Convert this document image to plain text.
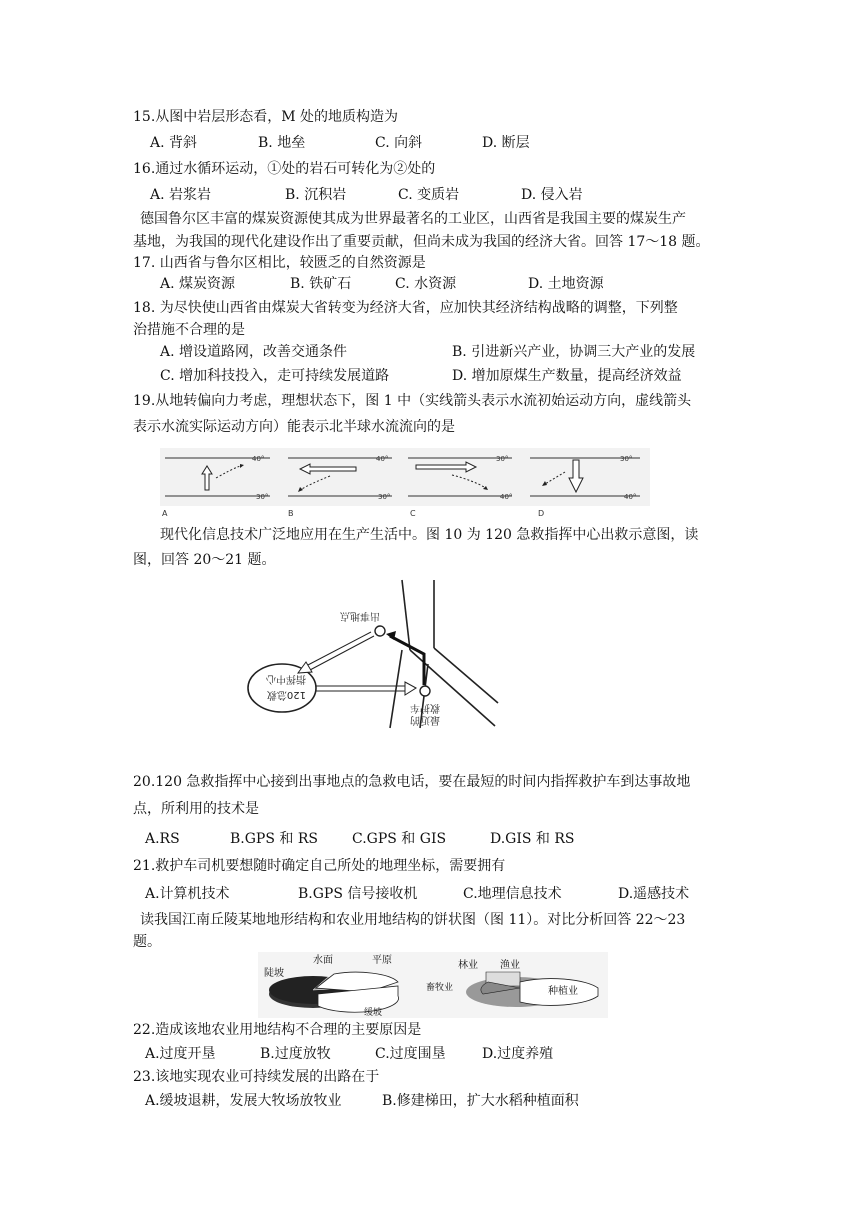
15.从图中岩层形态看，M 处的地质构造为
A. 背斜	B. 地垒	C. 向斜	D. 断层
16.通过水循环运动，①处的岩石可转化为②处的
A. 岩浆岩	B. 沉积岩	C. 变质岩	D. 侵入岩
德国鲁尔区丰富的煤炭资源使其成为世界最著名的工业区，山西省是我国主要的煤炭生产
基地，为我国的现代化建设作出了重要贡献，但尚未成为我国的经济大省。回答 17～18 题。
17. 山西省与鲁尔区相比，较匮乏的自然资源是
A. 煤炭资源	B. 铁矿石	C. 水资源	D. 土地资源
18. 为尽快使山西省由煤炭大省转变为经济大省，应加快其经济结构战略的调整，下列整
治措施不合理的是
A. 增设道路网，改善交通条件	B. 引进新兴产业，协调三大产业的发展
C. 增加科技投入，走可持续发展道路	D. 增加原煤生产数量，提高经济效益
19.从地转偏向力考虑，理想状态下，图 1 中（实线箭头表示水流初始运动方向，虚线箭头
表示水流实际运动方向）能表示北半球水流流向的是
40°
30°
A
40°
30°
B
30°
40°
C
30°
40°
D
现代化信息技术广泛地应用在生产生活中。图 10 为 120 急救指挥中心出救示意图，读
图，回答 20～21 题。
出事地点
救护车
最近的
指挥中心
120急救
20.120 急救指挥中心接到出事地点的急救电话，要在最短的时间内指挥救护车到达事故地
点，所利用的技术是
A.RS	B.GPS 和 RS C.GPS 和 GIS	D.GIS 和 RS
21.救护车司机要想随时确定自己所处的地理坐标，需要拥有
A.计算机技术	B.GPS 信号接收机	C.地理信息技术	D.遥感技术
读我国江南丘陵某地地形结构和农业用地结构的饼状图（图 11）。对比分析回答 22～23
题。
陡坡
水面	平原
缓坡
林业 渔业
畜牧业	种植业
22.造成该地农业用地结构不合理的主要原因是
A.过度开垦	B.过度放牧	C.过度围垦	D.过度养殖
23.该地实现农业可持续发展的出路在于
A.缓坡退耕，发展大牧场放牧业	B.修建梯田，扩大水稻种植面积
